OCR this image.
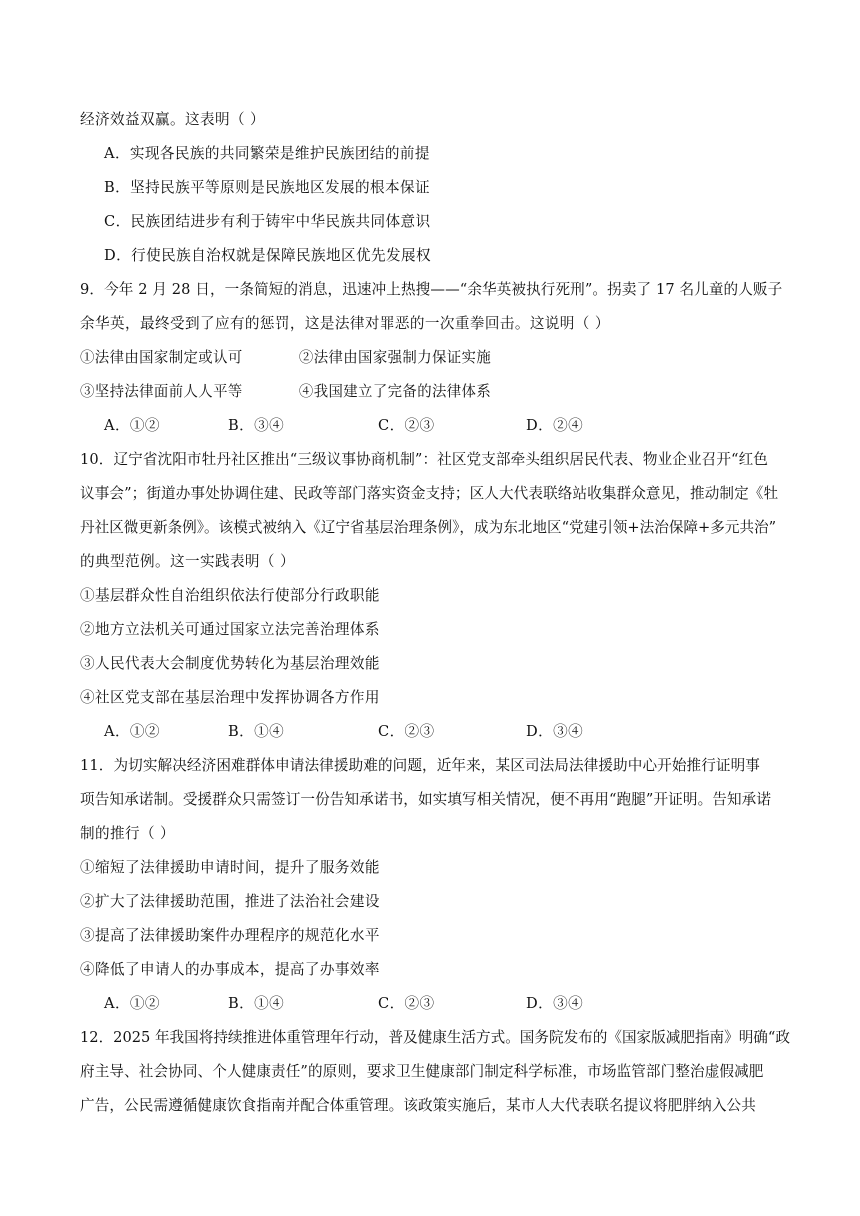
经济效益双赢。这表明（ ）
A．实现各民族的共同繁荣是维护民族团结的前提
B．坚持民族平等原则是民族地区发展的根本保证
C．民族团结进步有利于铸牢中华民族共同体意识
D．行使民族自治权就是保障民族地区优先发展权
9．今年 2 月 28 日，一条简短的消息，迅速冲上热搜——“余华英被执行死刑”。拐卖了 17 名儿童的人贩子
余华英，最终受到了应有的惩罚，这是法律对罪恶的一次重拳回击。这说明（ ）
①法律由国家制定或认可	②法律由国家强制力保证实施
③坚持法律面前人人平等	④我国建立了完备的法律体系
A．①②	B．③④	C．②③	D．②④
10．辽宁省沈阳市牡丹社区推出“三级议事协商机制”：社区党支部牵头组织居民代表、物业企业召开“红色
议事会”；街道办事处协调住建、民政等部门落实资金支持；区人大代表联络站收集群众意见，推动制定《牡
丹社区微更新条例》。该模式被纳入《辽宁省基层治理条例》，成为东北地区“党建引领+法治保障+多元共治”
的典型范例。这一实践表明（ ）
①基层群众性自治组织依法行使部分行政职能
②地方立法机关可通过国家立法完善治理体系
③人民代表大会制度优势转化为基层治理效能
④社区党支部在基层治理中发挥协调各方作用
A．①②	B．①④	C．②③	D．③④
11．为切实解决经济困难群体申请法律援助难的问题，近年来，某区司法局法律援助中心开始推行证明事
项告知承诺制。受援群众只需签订一份告知承诺书，如实填写相关情况，便不再用“跑腿”开证明。告知承诺
制的推行（ ）
①缩短了法律援助申请时间，提升了服务效能
②扩大了法律援助范围，推进了法治社会建设
③提高了法律援助案件办理程序的规范化水平
④降低了申请人的办事成本，提高了办事效率
A．①②	B．①④	C．②③	D．③④
12．2025 年我国将持续推进体重管理年行动，普及健康生活方式。国务院发布的《国家版减肥指南》明确“政
府主导、社会协同、个人健康责任”的原则，要求卫生健康部门制定科学标准，市场监管部门整治虚假减肥
广告，公民需遵循健康饮食指南并配合体重管理。该政策实施后，某市人大代表联名提议将肥胖纳入公共
